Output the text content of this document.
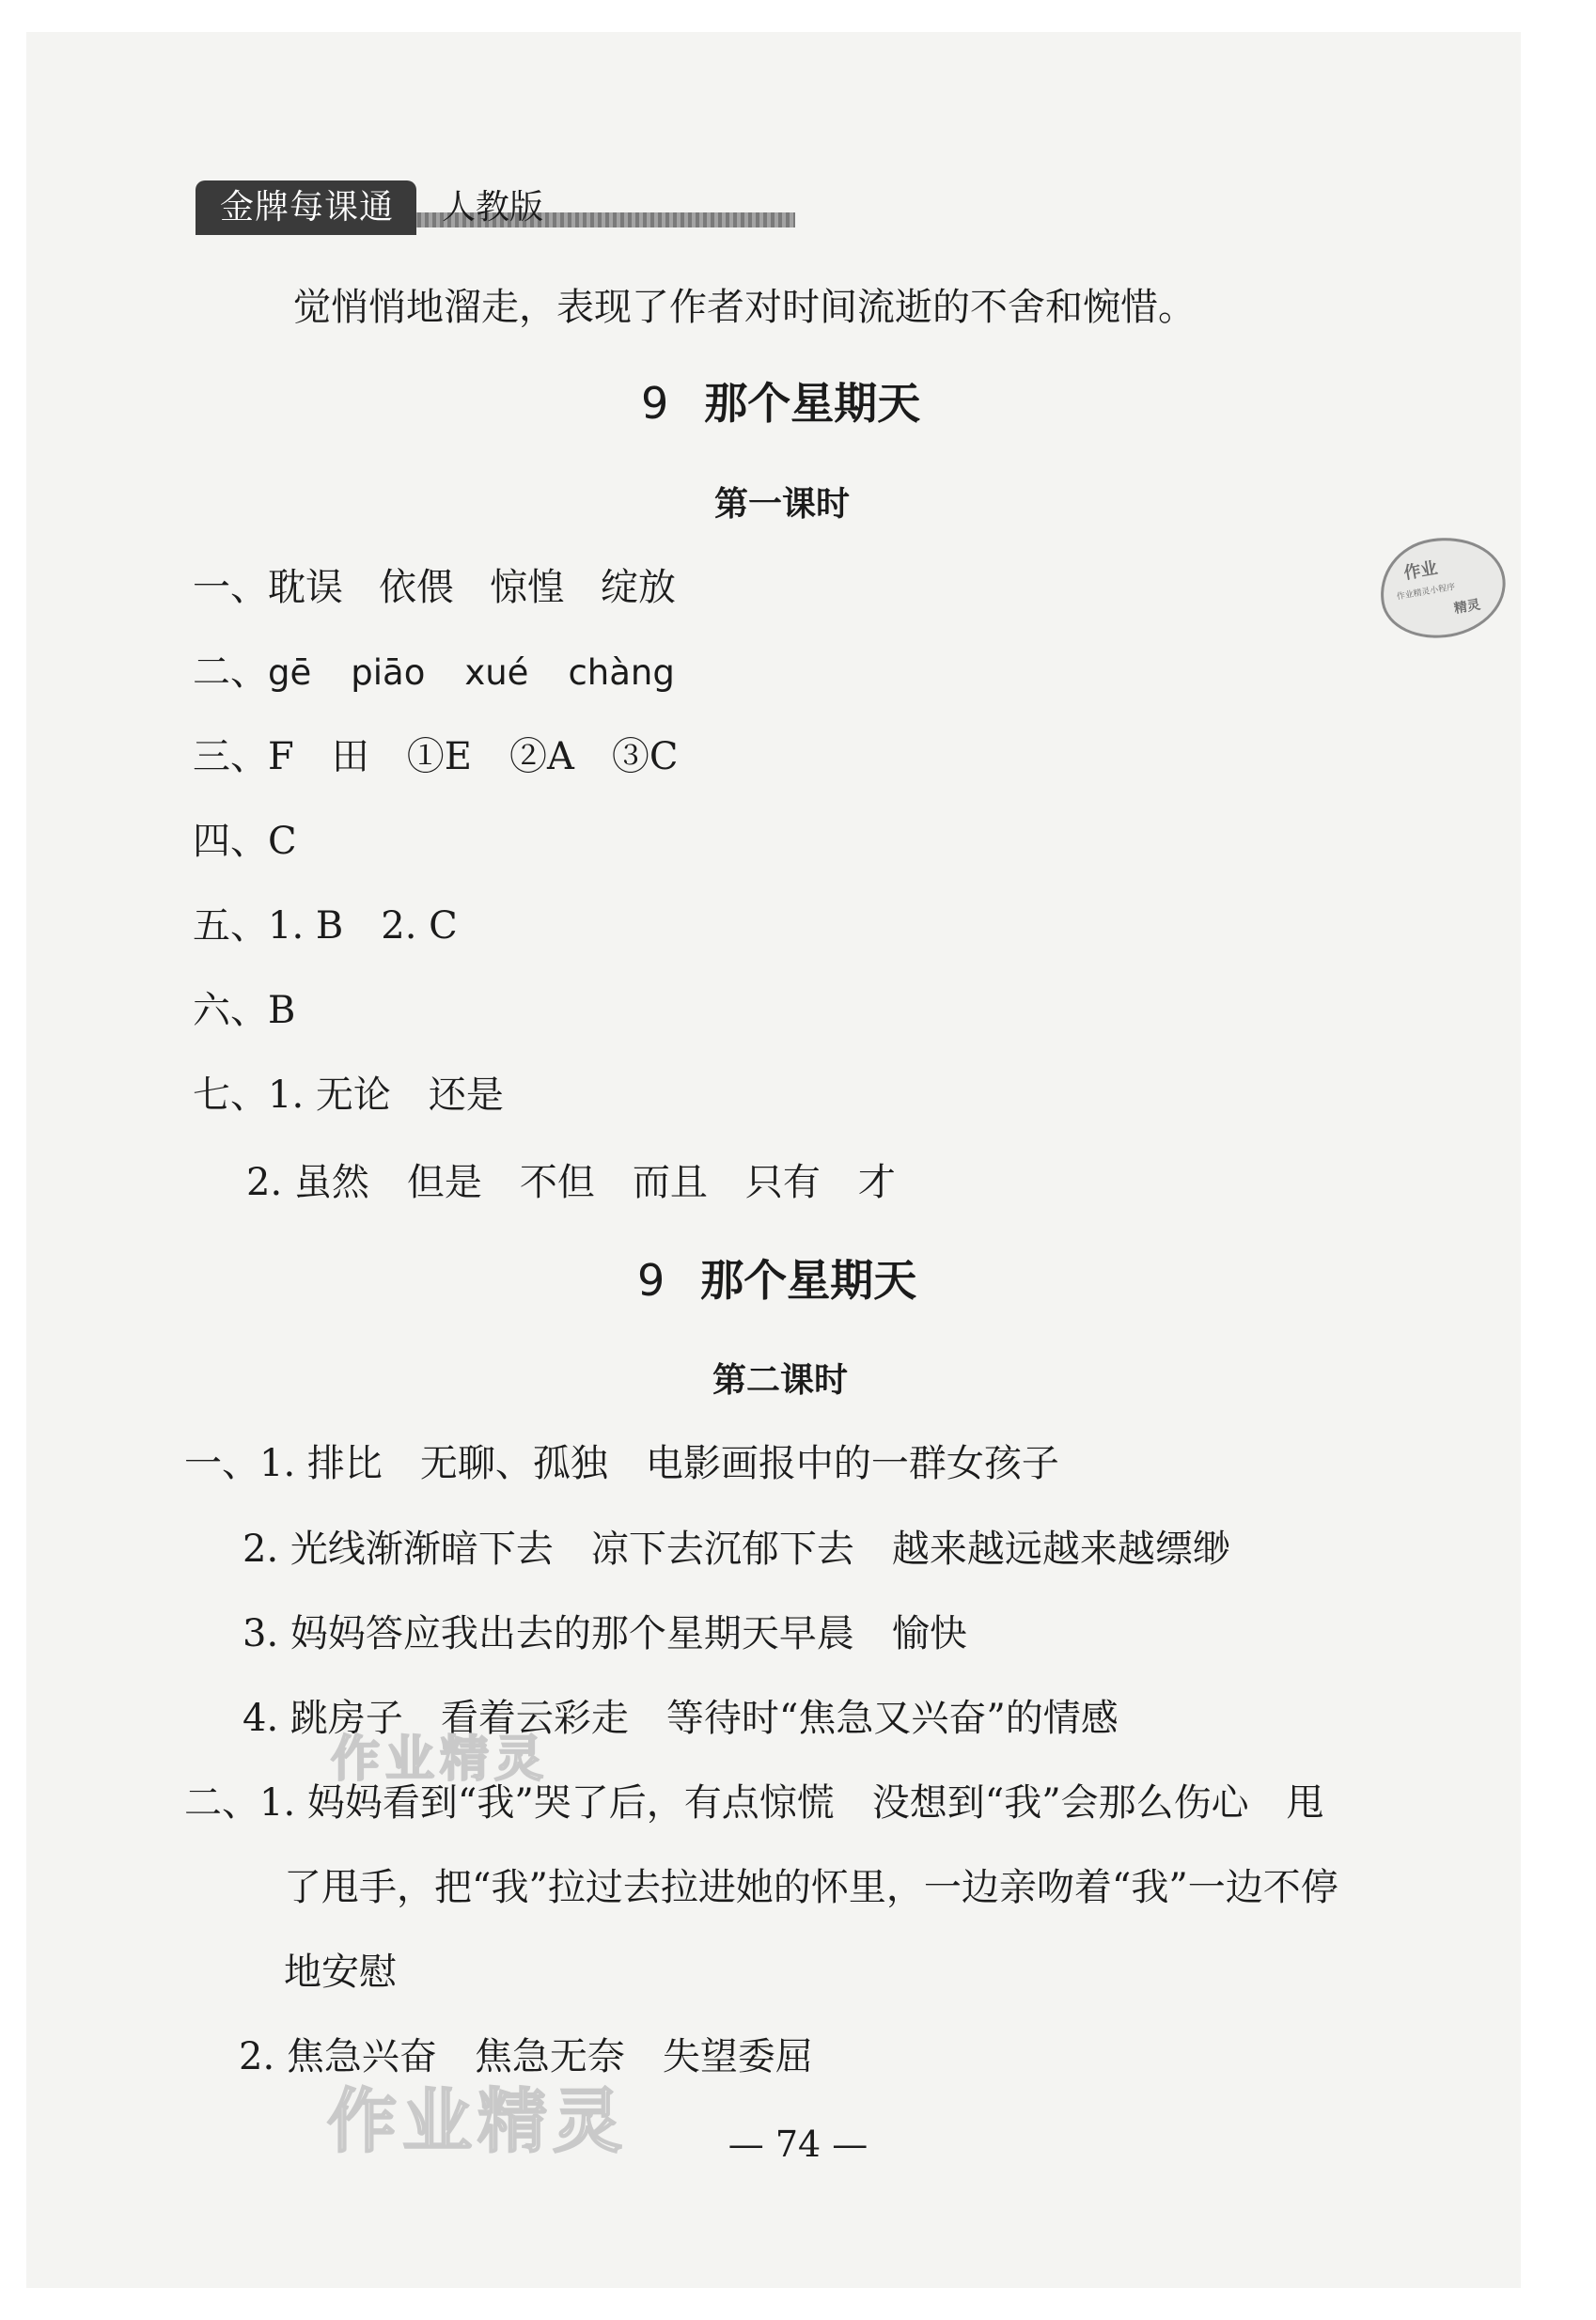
金牌每课通	人教版
觉悄悄地溜走，表现了作者对时间流逝的不舍和惋惜。
9 那个星期天
第一课时
一、耽误 依偎 惊惶 绽放
二、gē piāo xué chàng
三、F　田　①E　②A　③C
四、C
五、1. B　2. C
六、B
七、1. 无论　还是
2. 虽然　但是　不但　而且　只有　才
9 那个星期天
第二课时
一、1. 排比　无聊、孤独　电影画报中的一群女孩子
2. 光线渐渐暗下去　凉下去沉郁下去　越来越远越来越缥缈
3. 妈妈答应我出去的那个星期天早晨　愉快
4. 跳房子　看着云彩走　等待时“焦急又兴奋”的情感
二、1. 妈妈看到“我”哭了后，有点惊慌　没想到“我”会那么伤心　甩
了甩手，把“我”拉过去拉进她的怀里，一边亲吻着“我”一边不停
地安慰
2. 焦急兴奋　焦急无奈　失望委屈
作业
作业精灵小程序
精灵
作业精灵
作业精灵	— 74 —
